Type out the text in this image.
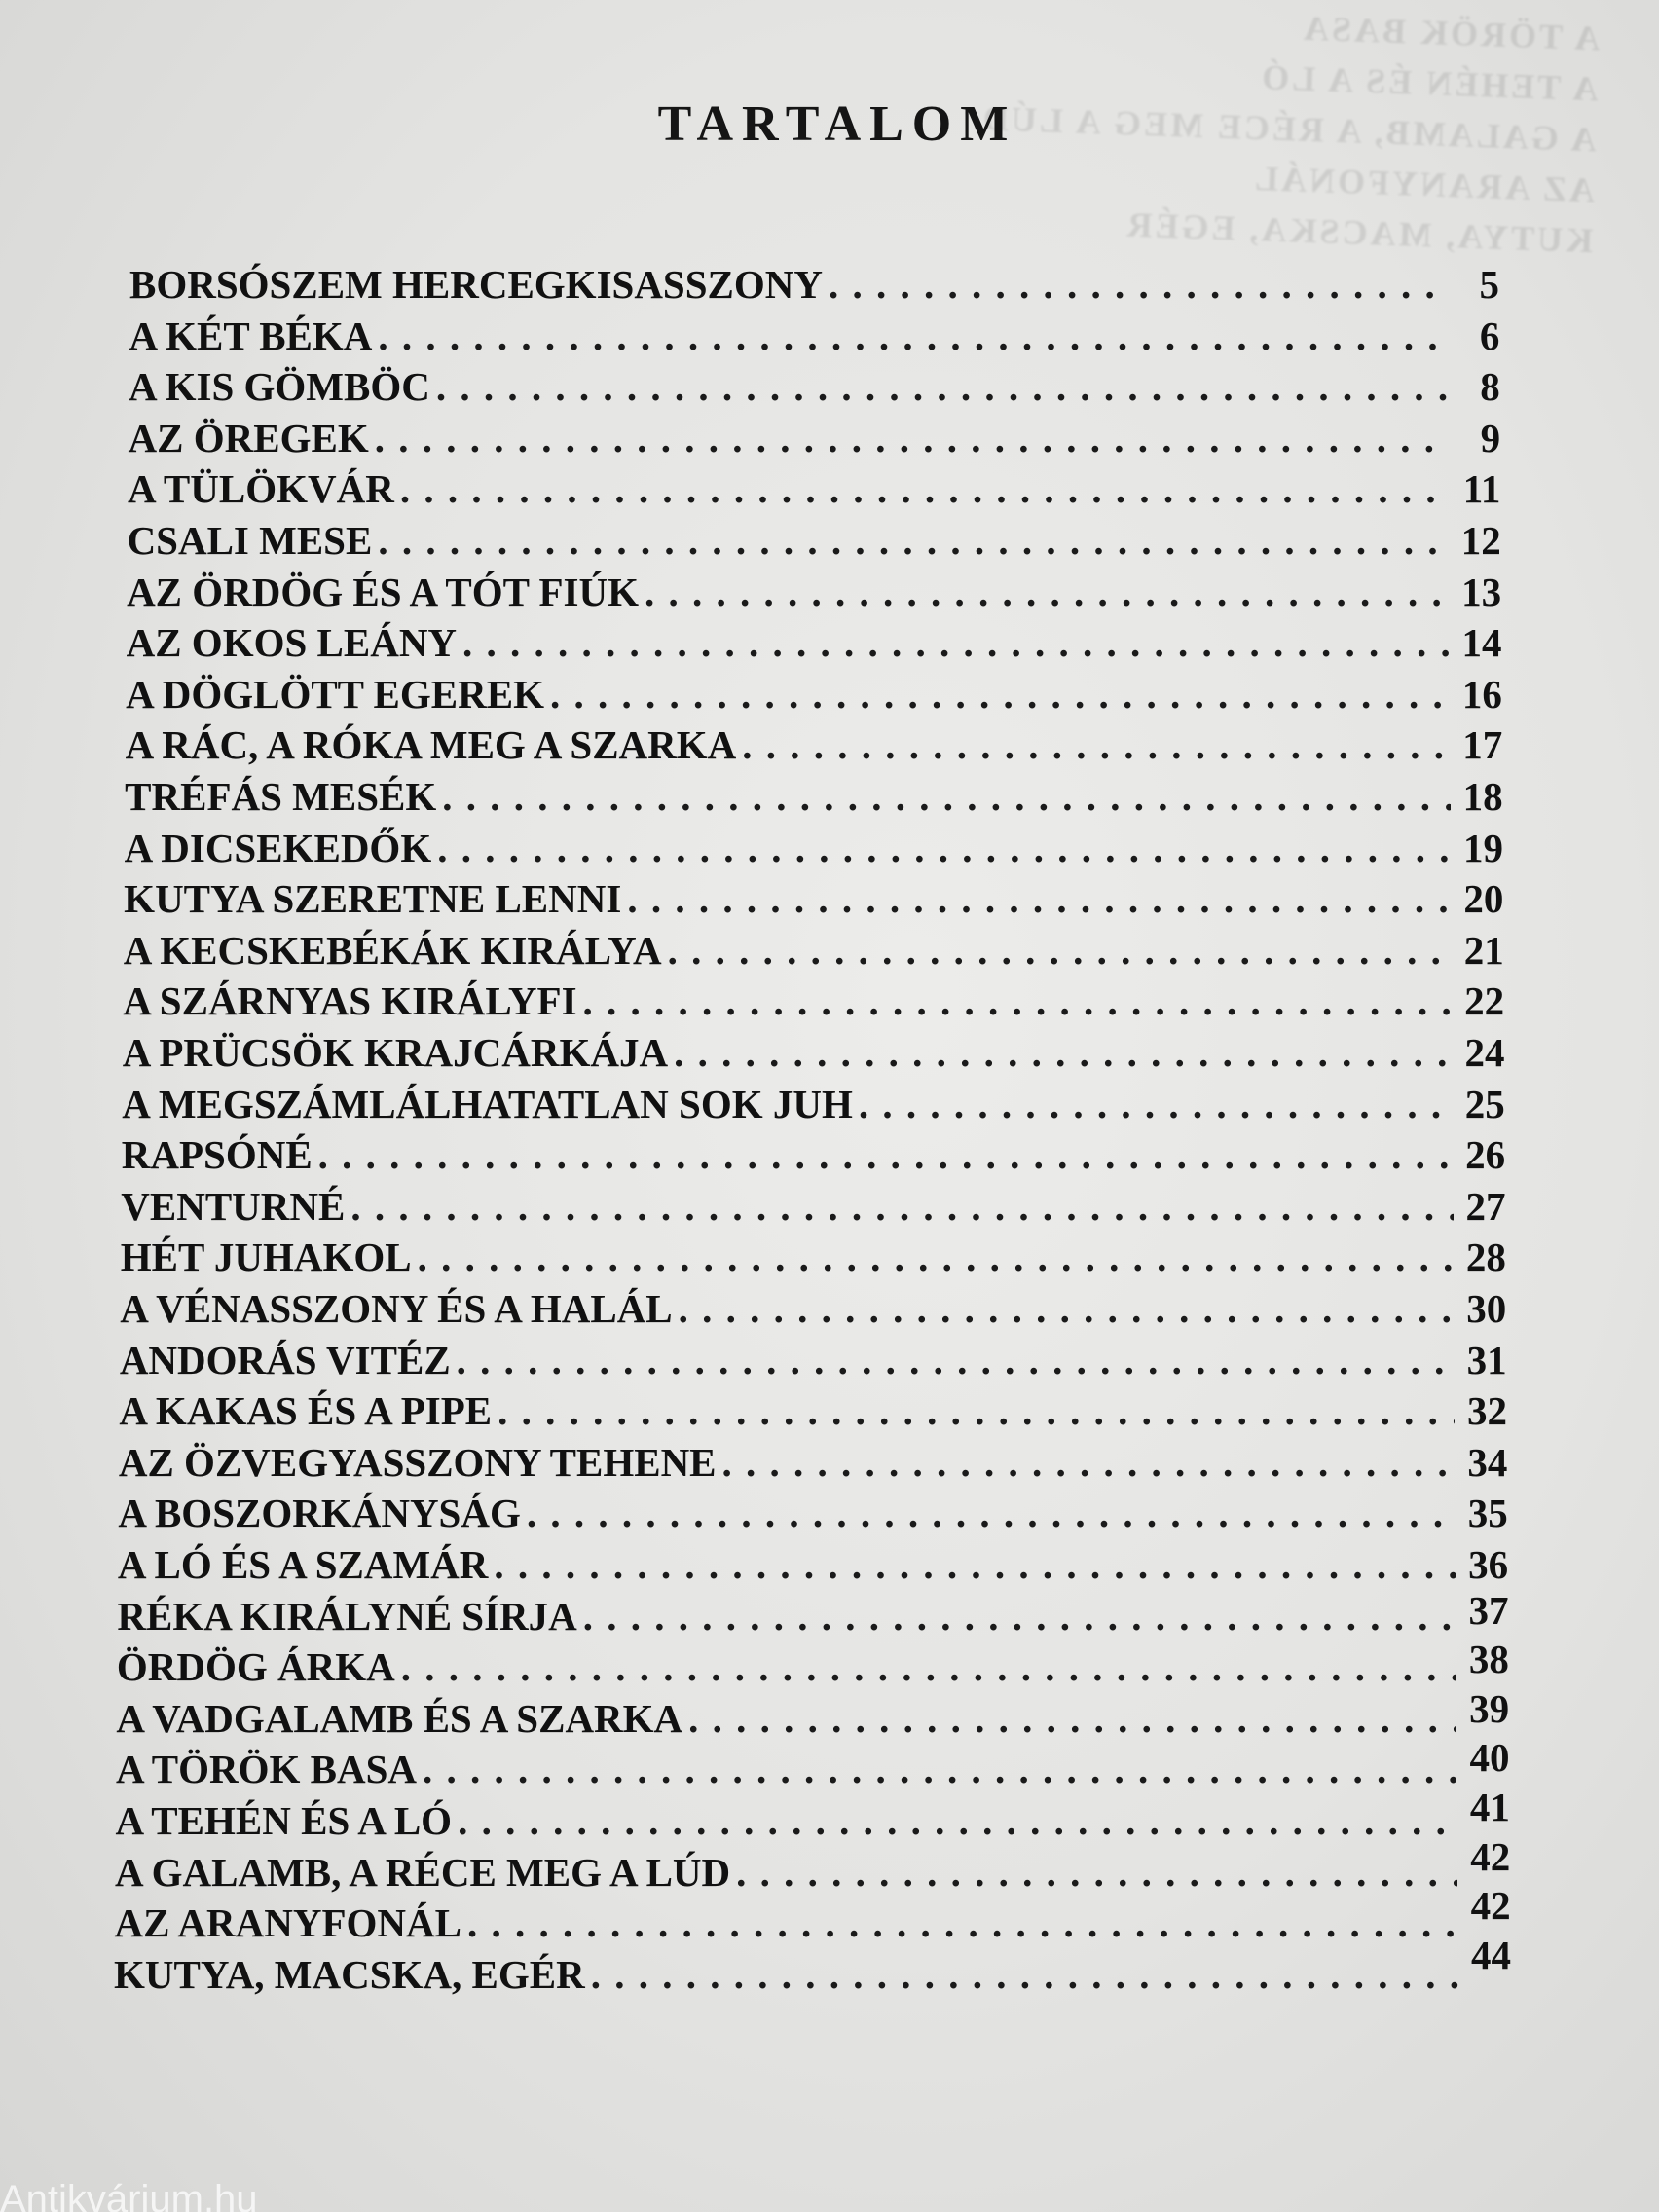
A TÖRÖK BASA
A TEHÉN ÉS A LÓ
A GALAMB, A RÉCE MEG A LÚD
AZ ARANYFONÁL
KUTYA, MACSKA, EGÉR
TARTALOM
BORSÓSZEM HERCEGKISASSZONY . . .	5
A KÉT BÉKA . . .	6
A KIS GÖMBÖC . . .	8
AZ ÖREGEK . . .	9
A TÜLÖKVÁR . . .	11
CSALI MESE . . .	12
AZ ÖRDÖG ÉS A TÓT FIÚK . . .	13
AZ OKOS LEÁNY . . .	14
A DÖGLÖTT EGEREK . . .	16
A RÁC, A RÓKA MEG A SZARKA . . .	17
TRÉFÁS MESÉK . . .	18
A DICSEKEDŐK . . .	19
KUTYA SZERETNE LENNI . . .	20
A KECSKEBÉKÁK KIRÁLYA . . .	21
A SZÁRNYAS KIRÁLYFI . . .	22
A PRÜCSÖK KRAJCÁRKÁJA . . .	24
A MEGSZÁMLÁLHATATLAN SOK JUH . . .	25
RAPSÓNÉ . . .	26
VENTURNÉ . . .	27
HÉT JUHAKOL . . .	28
A VÉNASSZONY ÉS A HALÁL . . .	30
ANDORÁS VITÉZ . . .	31
A KAKAS ÉS A PIPE . . .	32
AZ ÖZVEGYASSZONY TEHENE . . .	34
A BOSZORKÁNYSÁG . . .	35
A LÓ ÉS A SZAMÁR . . .	36
RÉKA KIRÁLYNÉ SÍRJA . . .	37
ÖRDÖG ÁRKA . . .	38
A VADGALAMB ÉS A SZARKA . . .	39
A TÖRÖK BASA . . .	40
A TEHÉN ÉS A LÓ . . .	41
A GALAMB, A RÉCE MEG A LÚD . . .	42
AZ ARANYFONÁL . . .	42
KUTYA, MACSKA, EGÉR . . .	44
Antikvárium.hu
